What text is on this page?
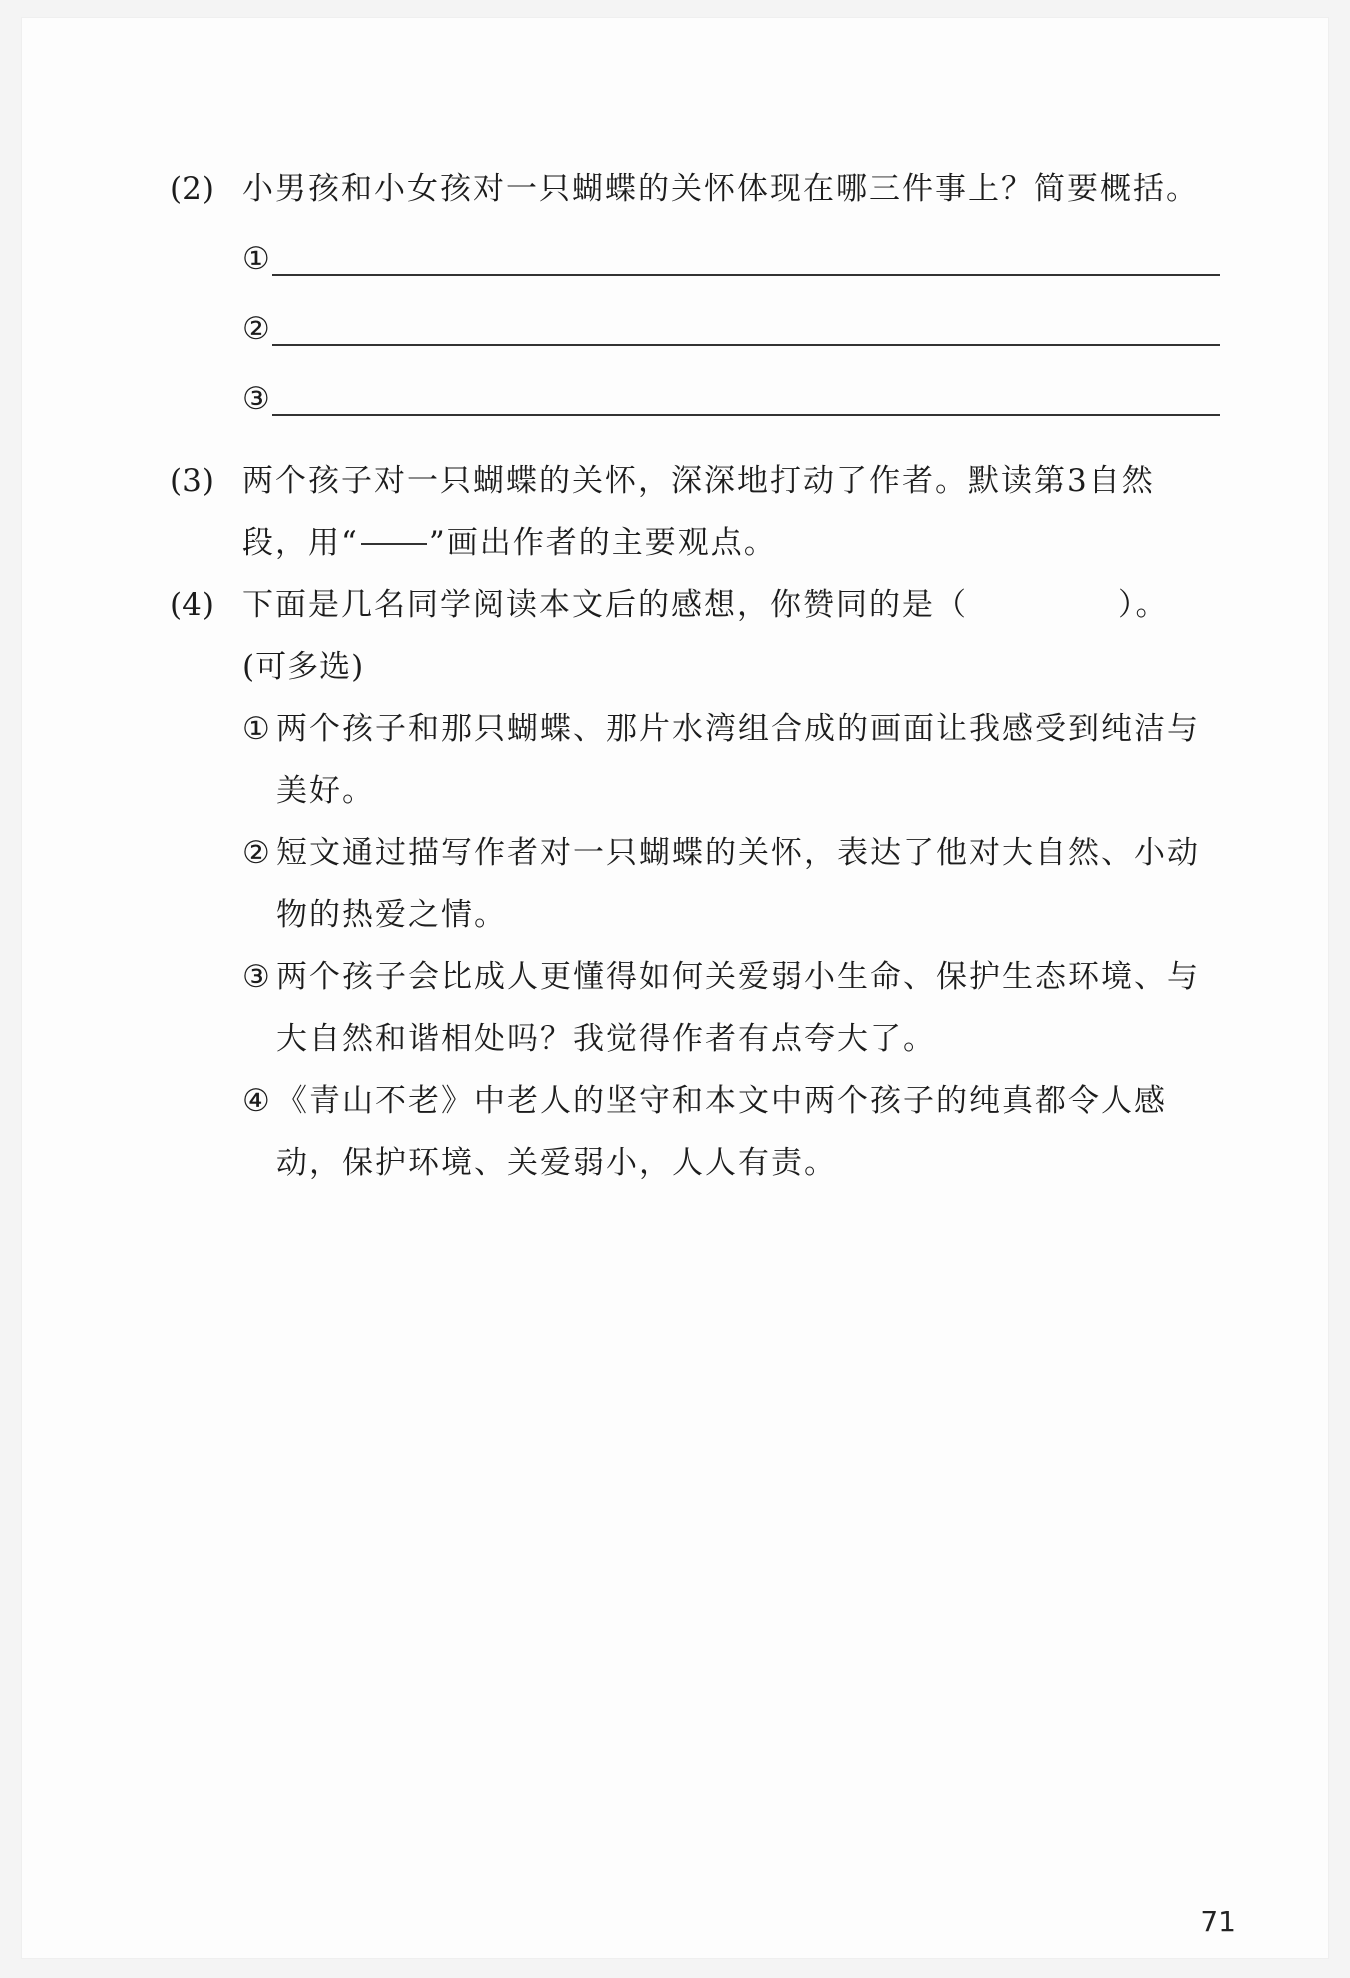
(2) 小男孩和小女孩对一只蝴蝶的关怀体现在哪三件事上？简要概括。
①
②
③
(3) 两个孩子对一只蝴蝶的关怀，深深地打动了作者。默读第3自然段，用“ ”画出作者的主要观点。
(4) 下面是几名同学阅读本文后的感想，你赞同的是（	）。
(可多选)
① 两个孩子和那只蝴蝶、那片水湾组合成的画面让我感受到纯洁与美好。
② 短文通过描写作者对一只蝴蝶的关怀，表达了他对大自然、小动物的热爱之情。
③ 两个孩子会比成人更懂得如何关爱弱小生命、保护生态环境、与大自然和谐相处吗？我觉得作者有点夸大了。
④ 《青山不老》中老人的坚守和本文中两个孩子的纯真都令人感动，保护环境、关爱弱小，人人有责。
71
